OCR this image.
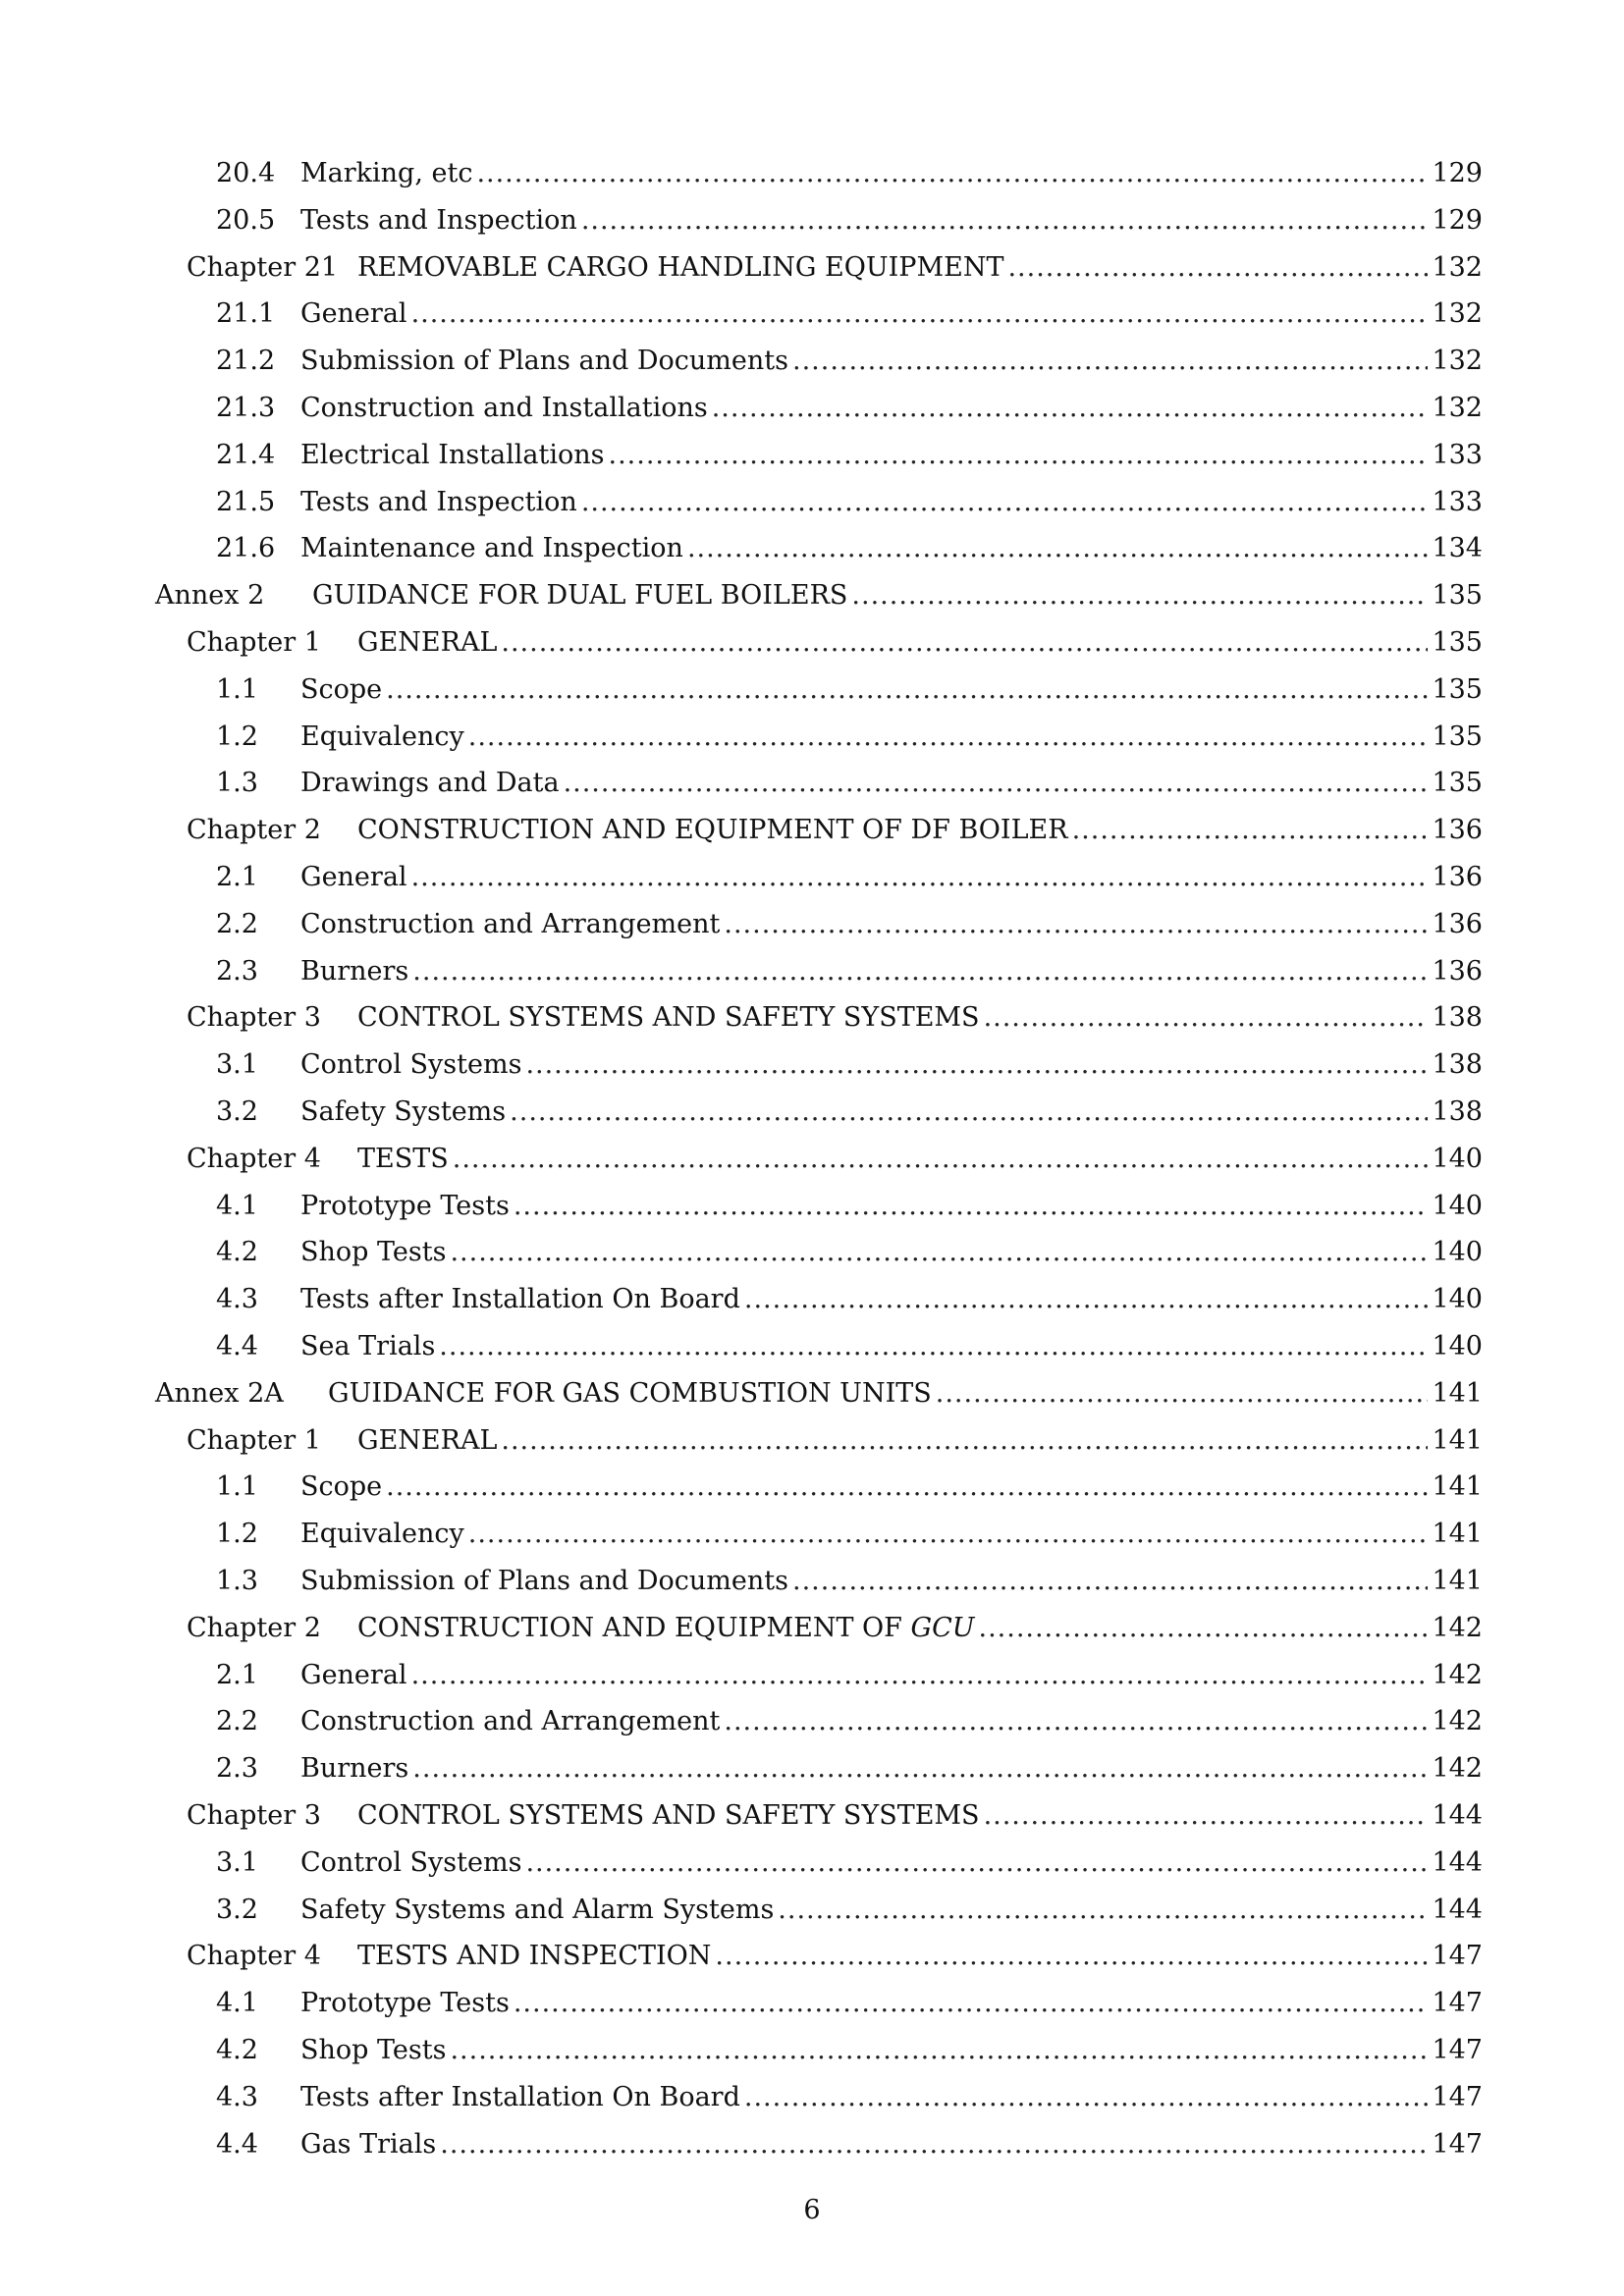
20.4 Marking, etc .....	129
20.5 Tests and Inspection .....	129
Chapter 21 REMOVABLE CARGO HANDLING EQUIPMENT .....	132
21.1 General .....	132
21.2 Submission of Plans and Documents .....	132
21.3 Construction and Installations .....	132
21.4 Electrical Installations .....	133
21.5 Tests and Inspection .....	133
21.6 Maintenance and Inspection .....	134
Annex 2 GUIDANCE FOR DUAL FUEL BOILERS .....	135
Chapter 1 GENERAL .....	135
1.1 Scope .....	135
1.2 Equivalency .....	135
1.3 Drawings and Data .....	135
Chapter 2 CONSTRUCTION AND EQUIPMENT OF DF BOILER .....	136
2.1 General .....	136
2.2 Construction and Arrangement .....	136
2.3 Burners .....	136
Chapter 3 CONTROL SYSTEMS AND SAFETY SYSTEMS .....	138
3.1 Control Systems .....	138
3.2 Safety Systems .....	138
Chapter 4 TESTS .....	140
4.1 Prototype Tests .....	140
4.2 Shop Tests .....	140
4.3 Tests after Installation On Board .....	140
4.4 Sea Trials .....	140
Annex 2A GUIDANCE FOR GAS COMBUSTION UNITS .....	141
Chapter 1 GENERAL .....	141
1.1 Scope .....	141
1.2 Equivalency .....	141
1.3 Submission of Plans and Documents .....	141
Chapter 2 CONSTRUCTION AND EQUIPMENT OF GCU .....	142
2.1 General .....	142
2.2 Construction and Arrangement .....	142
2.3 Burners .....	142
Chapter 3 CONTROL SYSTEMS AND SAFETY SYSTEMS .....	144
3.1 Control Systems .....	144
3.2 Safety Systems and Alarm Systems .....	144
Chapter 4 TESTS AND INSPECTION .....	147
4.1 Prototype Tests .....	147
4.2 Shop Tests .....	147
4.3 Tests after Installation On Board .....	147
4.4 Gas Trials .....	147
6
